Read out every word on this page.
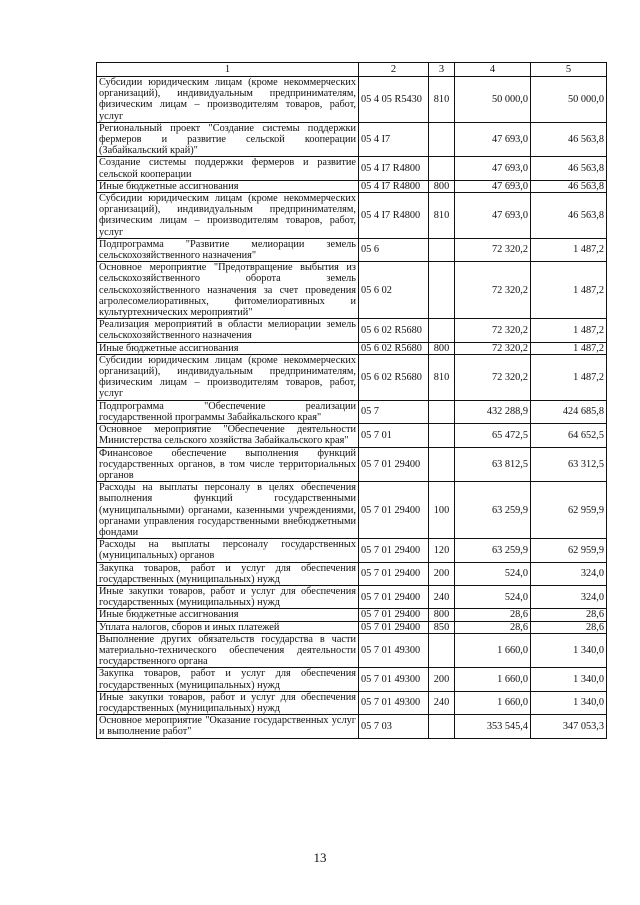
1	2	3	4	5
Субсидии юридическим лицам (кроме некоммерческих организаций), индивидуальным предпринимателям, физическим лицам – производителям товаров, работ, услуг	05 4 05 R5430	810	50 000,0	50 000,0
Региональный проект "Создание системы поддержки фермеров и развитие сельской кооперации (Забайкальский край)"	05 4 I7		47 693,0	46 563,8
Создание системы поддержки фермеров и развитие сельской кооперации	05 4 I7 R4800		47 693,0	46 563,8
Иные бюджетные ассигнования	05 4 I7 R4800	800	47 693,0	46 563,8
Субсидии юридическим лицам (кроме некоммерческих организаций), индивидуальным предпринимателям, физическим лицам – производителям товаров, работ, услуг	05 4 I7 R4800	810	47 693,0	46 563,8
Подпрограмма "Развитие мелиорации земель сельскохозяйственного назначения"	05 6		72 320,2	1 487,2
Основное мероприятие "Предотвращение выбытия из сельскохозяйственного оборота земель сельскохозяйственного назначения за счет проведения агролесомелиоративных, фитомелиоративных и культуртехнических мероприятий"	05 6 02		72 320,2	1 487,2
Реализация мероприятий в области мелиорации земель сельскохозяйственного назначения	05 6 02 R5680		72 320,2	1 487,2
Иные бюджетные ассигнования	05 6 02 R5680	800	72 320,2	1 487,2
Субсидии юридическим лицам (кроме некоммерческих организаций), индивидуальным предпринимателям, физическим лицам – производителям товаров, работ, услуг	05 6 02 R5680	810	72 320,2	1 487,2
Подпрограмма "Обеспечение реализации государственной программы Забайкальского края"	05 7		432 288,9	424 685,8
Основное мероприятие "Обеспечение деятельности Министерства сельского хозяйства Забайкальского края"	05 7 01		65 472,5	64 652,5
Финансовое обеспечение выполнения функций государственных органов, в том числе территориальных органов	05 7 01 29400		63 812,5	63 312,5
Расходы на выплаты персоналу в целях обеспечения выполнения функций государственными (муниципальными) органами, казенными учреждениями, органами управления государственными внебюджетными фондами	05 7 01 29400	100	63 259,9	62 959,9
Расходы на выплаты персоналу государственных (муниципальных) органов	05 7 01 29400	120	63 259,9	62 959,9
Закупка товаров, работ и услуг для обеспечения государственных (муниципальных) нужд	05 7 01 29400	200	524,0	324,0
Иные закупки товаров, работ и услуг для обеспечения государственных (муниципальных) нужд	05 7 01 29400	240	524,0	324,0
Иные бюджетные ассигнования	05 7 01 29400	800	28,6	28,6
Уплата налогов, сборов и иных платежей	05 7 01 29400	850	28,6	28,6
Выполнение других обязательств государства в части материально-технического обеспечения деятельности государственного органа	05 7 01 49300		1 660,0	1 340,0
Закупка товаров, работ и услуг для обеспечения государственных (муниципальных) нужд	05 7 01 49300	200	1 660,0	1 340,0
Иные закупки товаров, работ и услуг для обеспечения государственных (муниципальных) нужд	05 7 01 49300	240	1 660,0	1 340,0
Основное мероприятие "Оказание государственных услуг и выполнение работ"	05 7 03		353 545,4	347 053,3
13
